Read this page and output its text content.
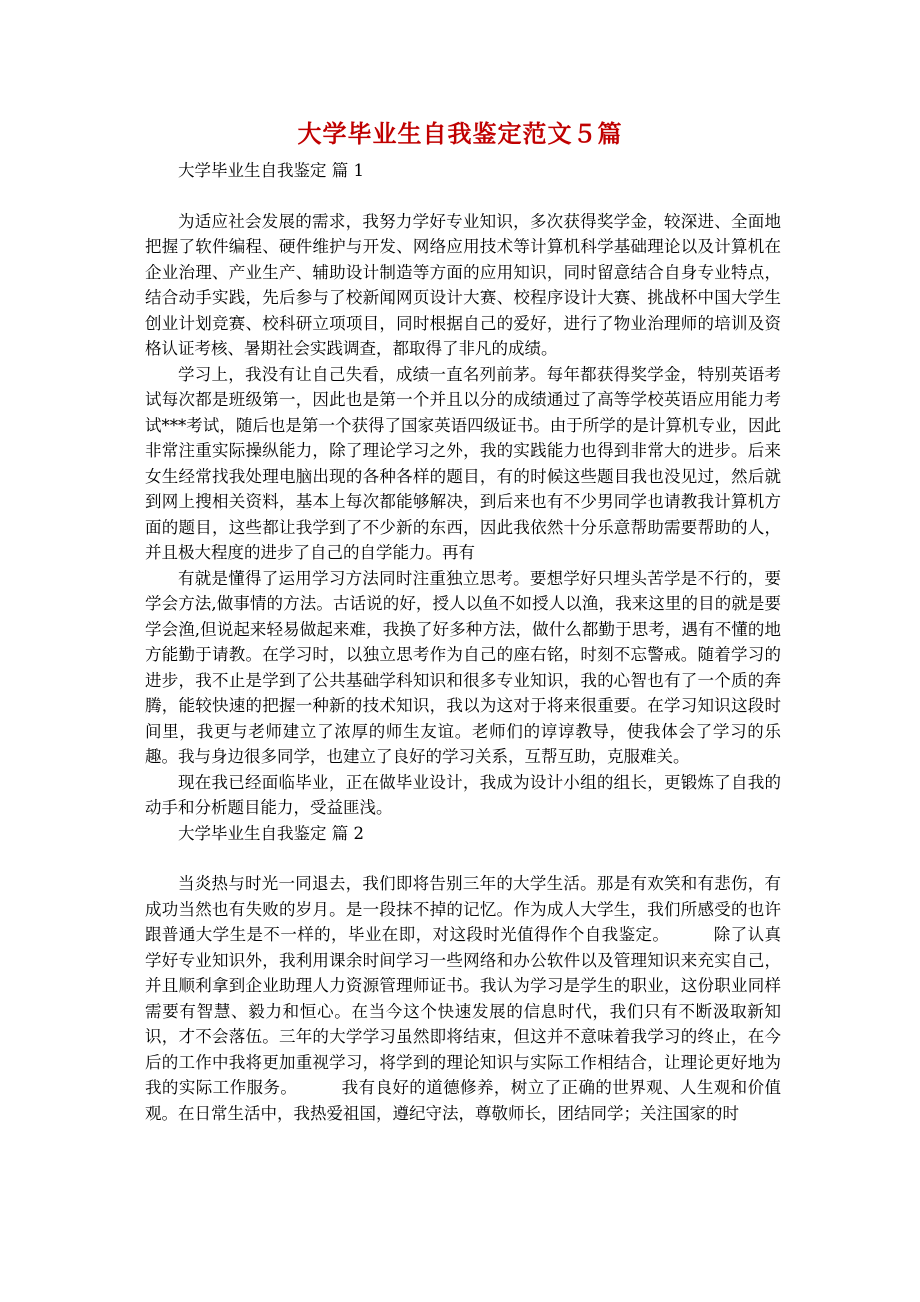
大学毕业生自我鉴定范文５篇

大学毕业生自我鉴定 篇 1

为适应社会发展的需求，我努力学好专业知识，多次获得奖学金，较深进、全面地把握了软件编程、硬件维护与开发、网络应用技术等计算机科学基础理论以及计算机在企业治理、产业生产、辅助设计制造等方面的应用知识，同时留意结合自身专业特点，结合动手实践，先后参与了校新闻网页设计大赛、校程序设计大赛、挑战杯中国大学生创业计划竞赛、校科研立项项目，同时根据自己的爱好，进行了物业治理师的培训及资格认证考核、暑期社会实践调查，都取得了非凡的成绩。

学习上，我没有让自己失看，成绩一直名列前茅。每年都获得奖学金，特别英语考试每次都是班级第一，因此也是第一个并且以分的成绩通过了高等学校英语应用能力考试***考试，随后也是第一个获得了国家英语四级证书。由于所学的是计算机专业，因此非常注重实际操纵能力，除了理论学习之外，我的实践能力也得到非常大的进步。后来女生经常找我处理电脑出现的各种各样的题目，有的时候这些题目我也没见过，然后就到网上搜相关资料，基本上每次都能够解决，到后来也有不少男同学也请教我计算机方面的题目，这些都让我学到了不少新的东西，因此我依然十分乐意帮助需要帮助的人，并且极大程度的进步了自己的自学能力。再有

有就是懂得了运用学习方法同时注重独立思考。要想学好只埋头苦学是不行的，要学会方法,做事情的方法。古话说的好，授人以鱼不如授人以渔，我来这里的目的就是要学会渔,但说起来轻易做起来难，我换了好多种方法，做什么都勤于思考，遇有不懂的地方能勤于请教。在学习时，以独立思考作为自己的座右铭，时刻不忘警戒。随着学习的进步，我不止是学到了公共基础学科知识和很多专业知识，我的心智也有了一个质的奔腾，能较快速的把握一种新的技术知识，我以为这对于将来很重要。在学习知识这段时间里，我更与老师建立了浓厚的师生友谊。老师们的谆谆教导，使我体会了学习的乐趣。我与身边很多同学，也建立了良好的学习关系，互帮互助，克服难关。

现在我已经面临毕业，正在做毕业设计，我成为设计小组的组长，更锻炼了自我的动手和分析题目能力，受益匪浅。

大学毕业生自我鉴定 篇 2

当炎热与时光一同退去，我们即将告别三年的大学生活。那是有欢笑和有悲伤，有成功当然也有失败的岁月。是一段抹不掉的记忆。作为成人大学生，我们所感受的也许跟普通大学生是不一样的，毕业在即，对这段时光值得作个自我鉴定。	除了认真学好专业知识外，我利用课余时间学习一些网络和办公软件以及管理知识来充实自己，并且顺利拿到企业助理人力资源管理师证书。我认为学习是学生的职业，这份职业同样需要有智慧、毅力和恒心。在当今这个快速发展的信息时代，我们只有不断汲取新知识，才不会落伍。三年的大学学习虽然即将结束，但这并不意味着我学习的终止，在今后的工作中我将更加重视学习，将学到的理论知识与实际工作相结合，让理论更好地为我的实际工作服务。	我有良好的道德修养，树立了正确的世界观、人生观和价值观。在日常生活中，我热爱祖国，遵纪守法，尊敬师长，团结同学；关注国家的时
